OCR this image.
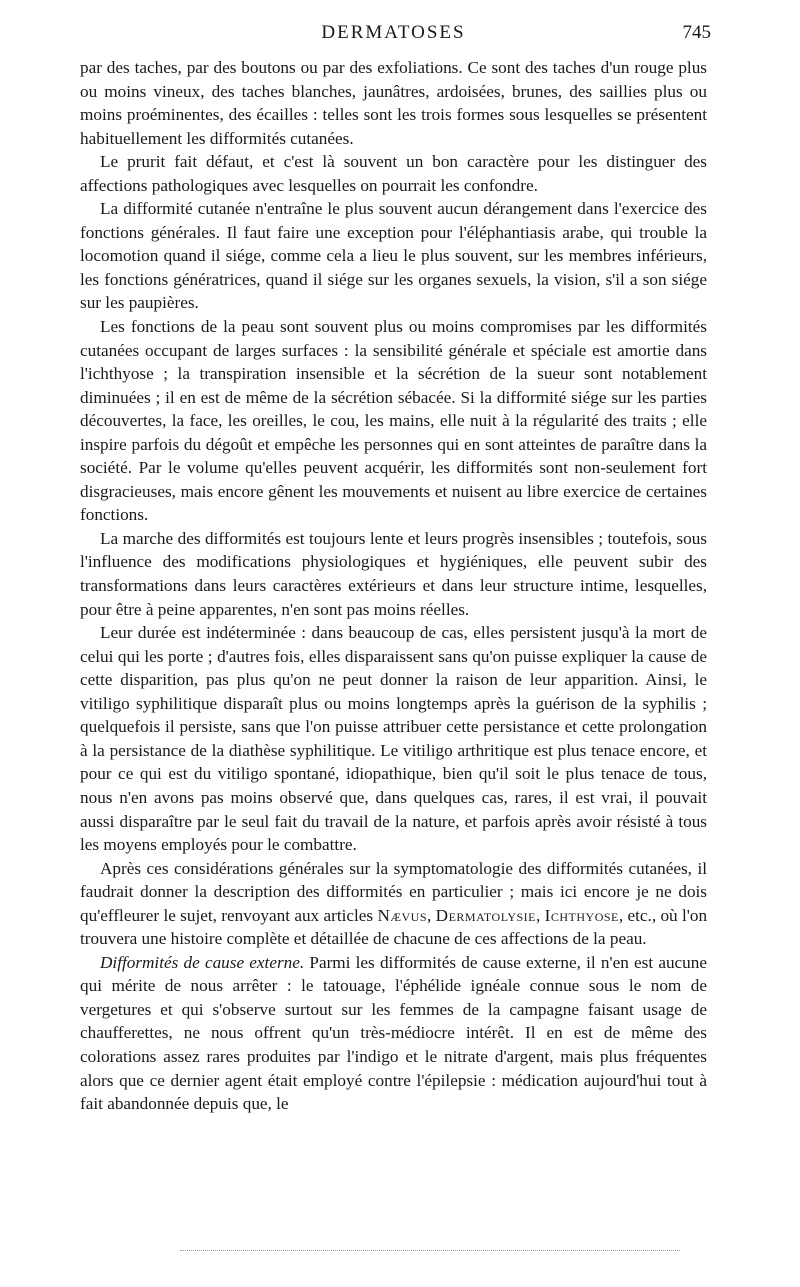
DERMATOSES	745

par des taches, par des boutons ou par des exfoliations. Ce sont des taches d'un rouge plus ou moins vineux, des taches blanches, jaunâtres, ardoisées, brunes, des saillies plus ou moins proéminentes, des écailles : telles sont les trois formes sous lesquelles se présentent habituellement les difformités cutanées.

Le prurit fait défaut, et c'est là souvent un bon caractère pour les distinguer des affections pathologiques avec lesquelles on pourrait les confondre.

La difformité cutanée n'entraîne le plus souvent aucun dérangement dans l'exercice des fonctions générales. Il faut faire une exception pour l'éléphantiasis arabe, qui trouble la locomotion quand il siége, comme cela a lieu le plus souvent, sur les membres inférieurs, les fonctions génératrices, quand il siége sur les organes sexuels, la vision, s'il a son siége sur les paupières.

Les fonctions de la peau sont souvent plus ou moins compromises par les difformités cutanées occupant de larges surfaces : la sensibilité générale et spéciale est amortie dans l'ichthyose ; la transpiration insensible et la sécrétion de la sueur sont notablement diminuées ; il en est de même de la sécrétion sébacée. Si la difformité siége sur les parties découvertes, la face, les oreilles, le cou, les mains, elle nuit à la régularité des traits ; elle inspire parfois du dégoût et empêche les personnes qui en sont atteintes de paraître dans la société. Par le volume qu'elles peuvent acquérir, les difformités sont non-seulement fort disgracieuses, mais encore gênent les mouvements et nuisent au libre exercice de certaines fonctions.

La marche des difformités est toujours lente et leurs progrès insensibles ; toutefois, sous l'influence des modifications physiologiques et hygiéniques, elle peuvent subir des transformations dans leurs caractères extérieurs et dans leur structure intime, lesquelles, pour être à peine apparentes, n'en sont pas moins réelles.

Leur durée est indéterminée : dans beaucoup de cas, elles persistent jusqu'à la mort de celui qui les porte ; d'autres fois, elles disparaissent sans qu'on puisse expliquer la cause de cette disparition, pas plus qu'on ne peut donner la raison de leur apparition. Ainsi, le vitiligo syphilitique disparaît plus ou moins longtemps après la guérison de la syphilis ; quelquefois il persiste, sans que l'on puisse attribuer cette persistance et cette prolongation à la persistance de la diathèse syphilitique. Le vitiligo arthritique est plus tenace encore, et pour ce qui est du vitiligo spontané, idiopathique, bien qu'il soit le plus tenace de tous, nous n'en avons pas moins observé que, dans quelques cas, rares, il est vrai, il pouvait aussi disparaître par le seul fait du travail de la nature, et parfois après avoir résisté à tous les moyens employés pour le combattre.

Après ces considérations générales sur la symptomatologie des difformités cutanées, il faudrait donner la description des difformités en particulier ; mais ici encore je ne dois qu'effleurer le sujet, renvoyant aux articles Nævus, Dermatolysie, Ichthyose, etc., où l'on trouvera une histoire complète et détaillée de chacune de ces affections de la peau.

Difformités de cause externe. Parmi les difformités de cause externe, il n'en est aucune qui mérite de nous arrêter : le tatouage, l'éphélide ignéale connue sous le nom de vergetures et qui s'observe surtout sur les femmes de la campagne faisant usage de chaufferettes, ne nous offrent qu'un très-médiocre intérêt. Il en est de même des colorations assez rares produites par l'indigo et le nitrate d'argent, mais plus fréquentes alors que ce dernier agent était employé contre l'épilepsie : médication aujourd'hui tout à fait abandonnée depuis que, le
